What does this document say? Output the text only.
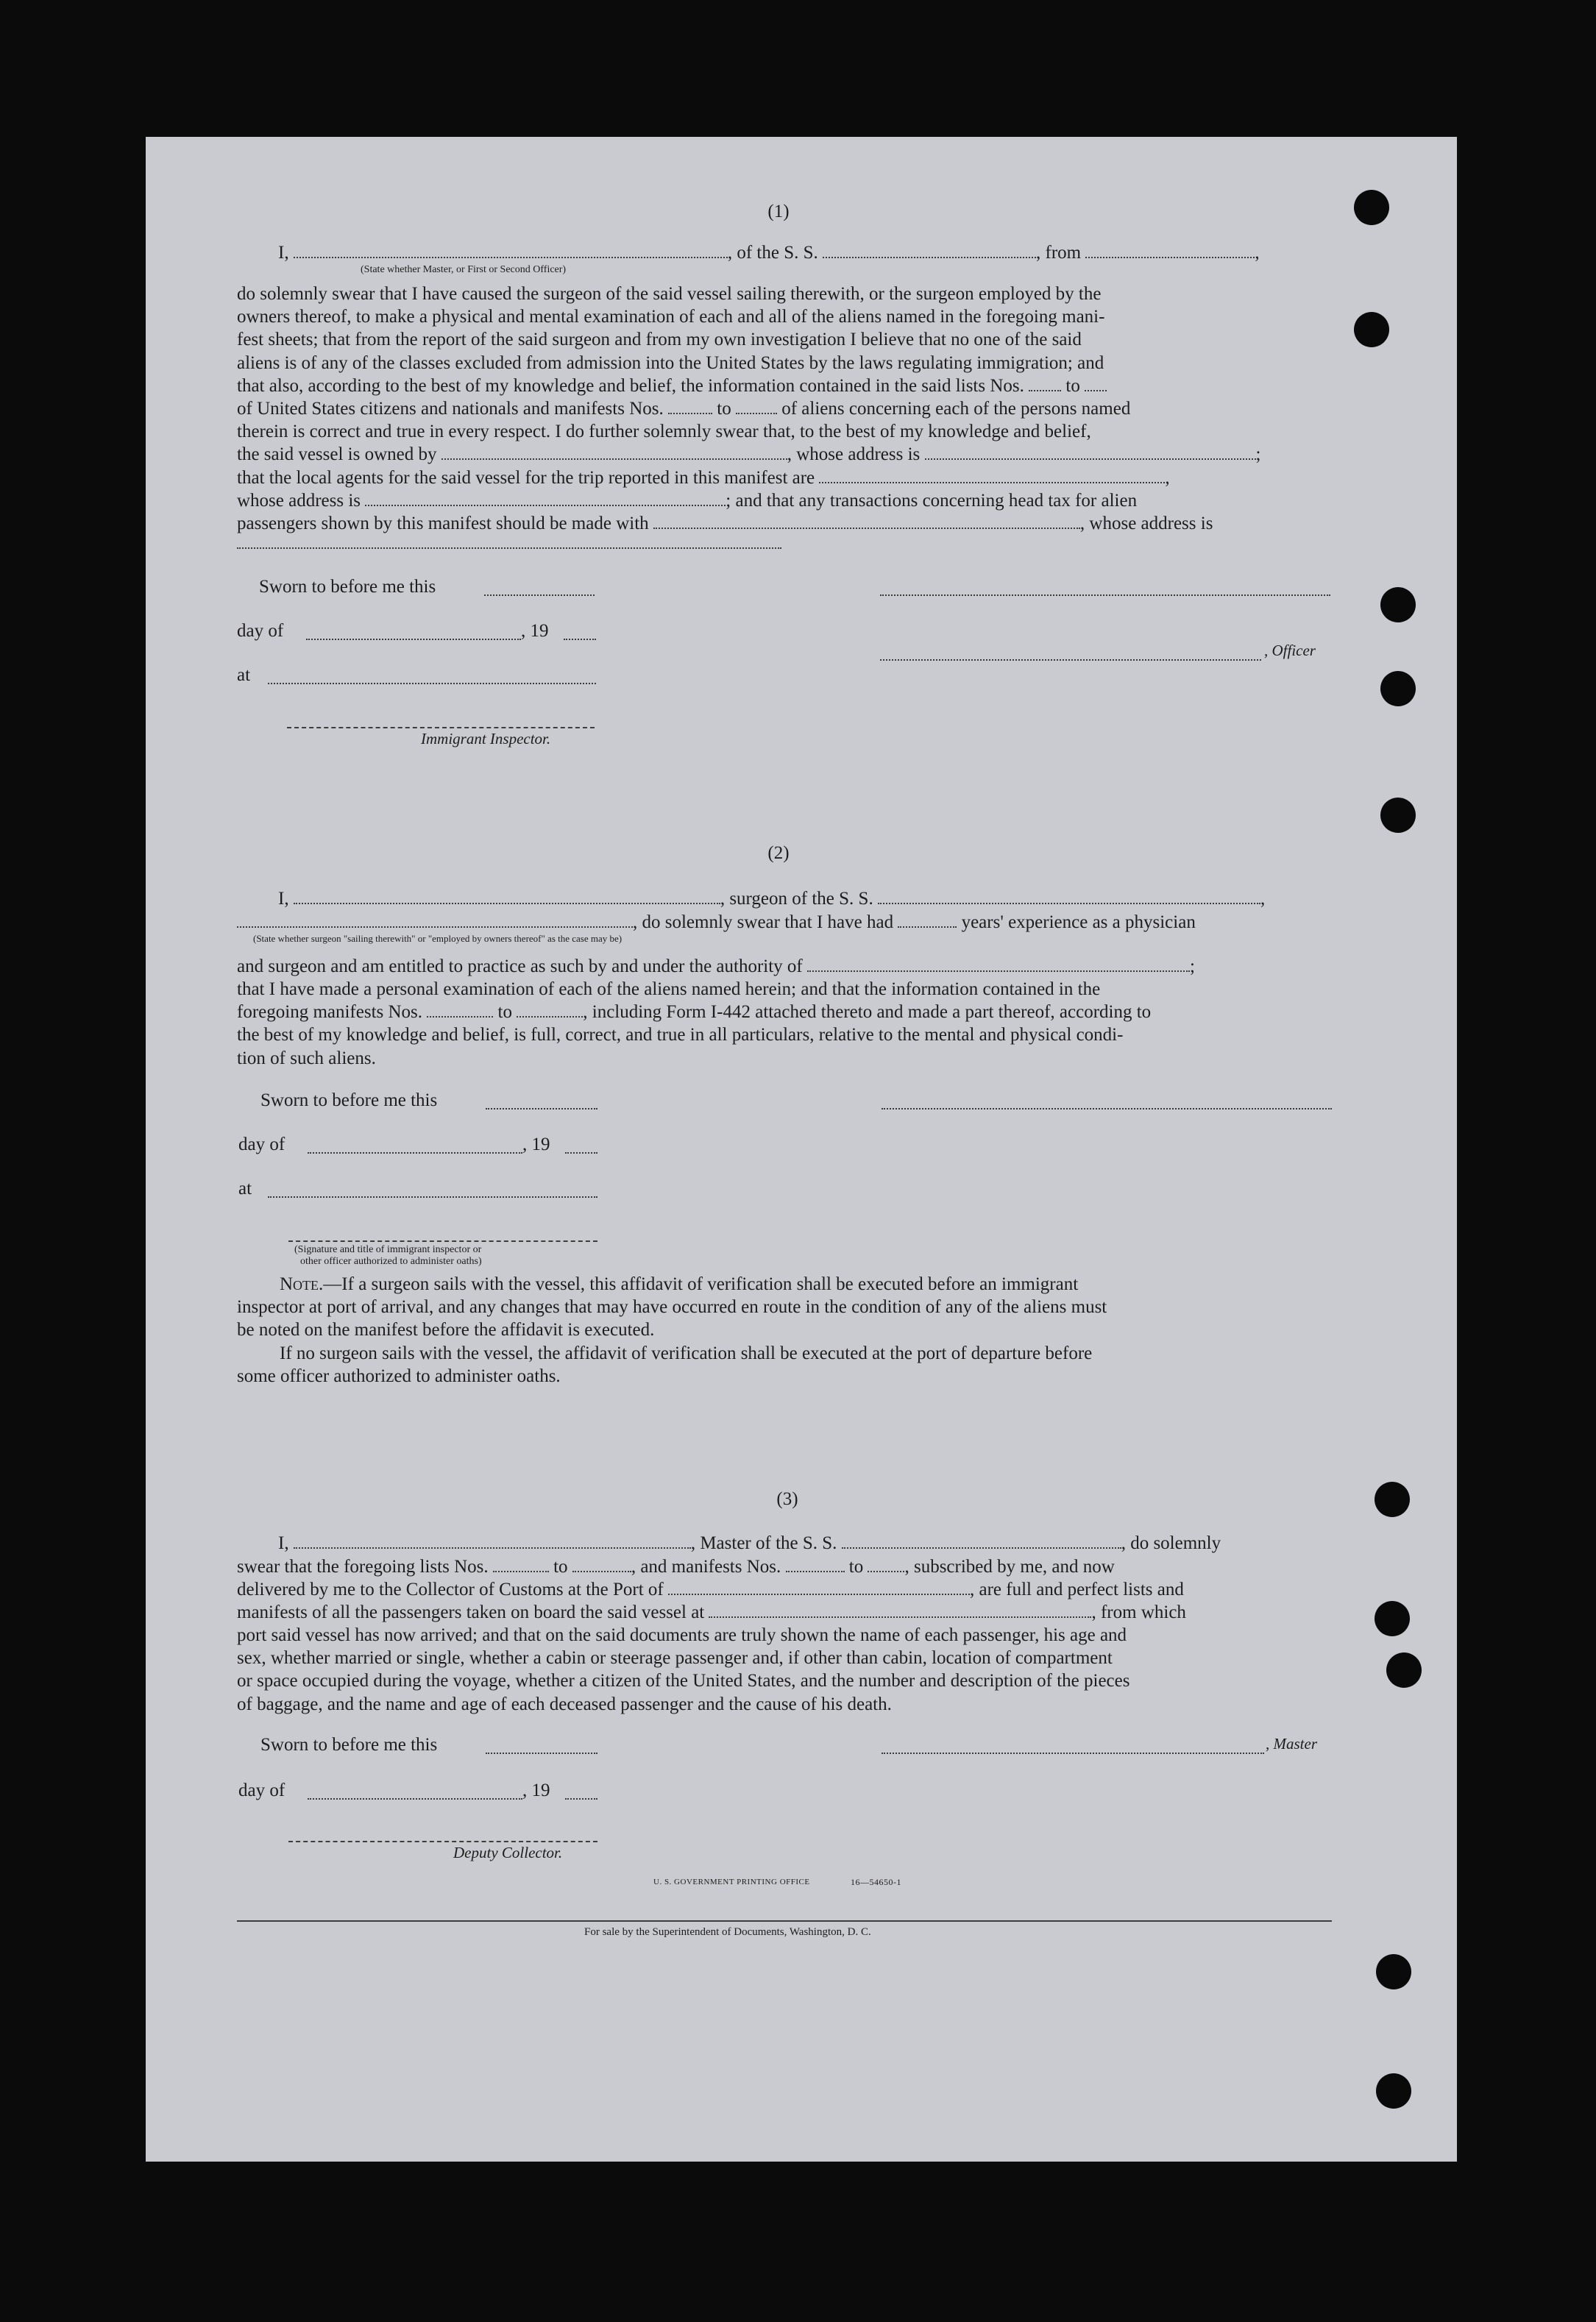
(1)
I,	, of the S. S.	, from	,
(State whether Master, or First or Second Officer)

do solemnly swear that I have caused the surgeon of the said vessel sailing therewith, or the surgeon employed by the

owners thereof, to make a physical and mental examination of each and all of the aliens named in the foregoing mani-

fest sheets; that from the report of the said surgeon and from my own investigation I believe that no one of the said

aliens is of any of the classes excluded from admission into the United States by the laws regulating immigration; and

that also, according to the best of my knowledge and belief, the information contained in the said lists Nos. to

of United States citizens and nationals and manifests Nos.	to	of aliens concerning each of the persons named

therein is correct and true in every respect. I do further solemnly swear that, to the best of my knowledge and belief,

the said vessel is owned by	, whose address is	;

that the local agents for the said vessel for the trip reported in this manifest are	,

whose address is	; and that any transactions concerning head tax for alien

passengers shown by this manifest should be made with	, whose address is

Sworn to before me this
day of	, 19
, Officer
at
Immigrant Inspector.
(2)
I,	, surgeon of the S. S.	,
, do solemnly swear that I have had	years' experience as a physician
(State whether surgeon "sailing therewith" or "employed by owners thereof" as the case may be)
and surgeon and am entitled to practice as such by and under the authority of	;

that I have made a personal examination of each of the aliens named herein; and that the information contained in the

foregoing manifests Nos.	to	, including Form I-442 attached thereto and made a part thereof, according to

the best of my knowledge and belief, is full, correct, and true in all particulars, relative to the mental and physical condi-

tion of such aliens.

Sworn to before me this
day of	, 19
at
(Signature and title of immigrant inspector or
other officer authorized to administer oaths)

Note.—If a surgeon sails with the vessel, this affidavit of verification shall be executed before an immigrant

inspector at port of arrival, and any changes that may have occurred en route in the condition of any of the aliens must

be noted on the manifest before the affidavit is executed.

If no surgeon sails with the vessel, the affidavit of verification shall be executed at the port of departure before

some officer authorized to administer oaths.

(3)
I,	, Master of the S. S.	, do solemnly
swear that the foregoing lists Nos.	to	, and manifests Nos.	to , subscribed by me, and now
delivered by me to the Collector of Customs at the Port of	, are full and perfect lists and
manifests of all the passengers taken on board the said vessel at	, from which

port said vessel has now arrived; and that on the said documents are truly shown the name of each passenger, his age and

sex, whether married or single, whether a cabin or steerage passenger and, if other than cabin, location of compartment

or space occupied during the voyage, whether a citizen of the United States, and the number and description of the pieces

of baggage, and the name and age of each deceased passenger and the cause of his death.

Sworn to before me this	, Master
day of	, 19
Deputy Collector.
U. S. GOVERNMENT PRINTING OFFICE	16—54650-1
For sale by the Superintendent of Documents, Washington, D. C.
